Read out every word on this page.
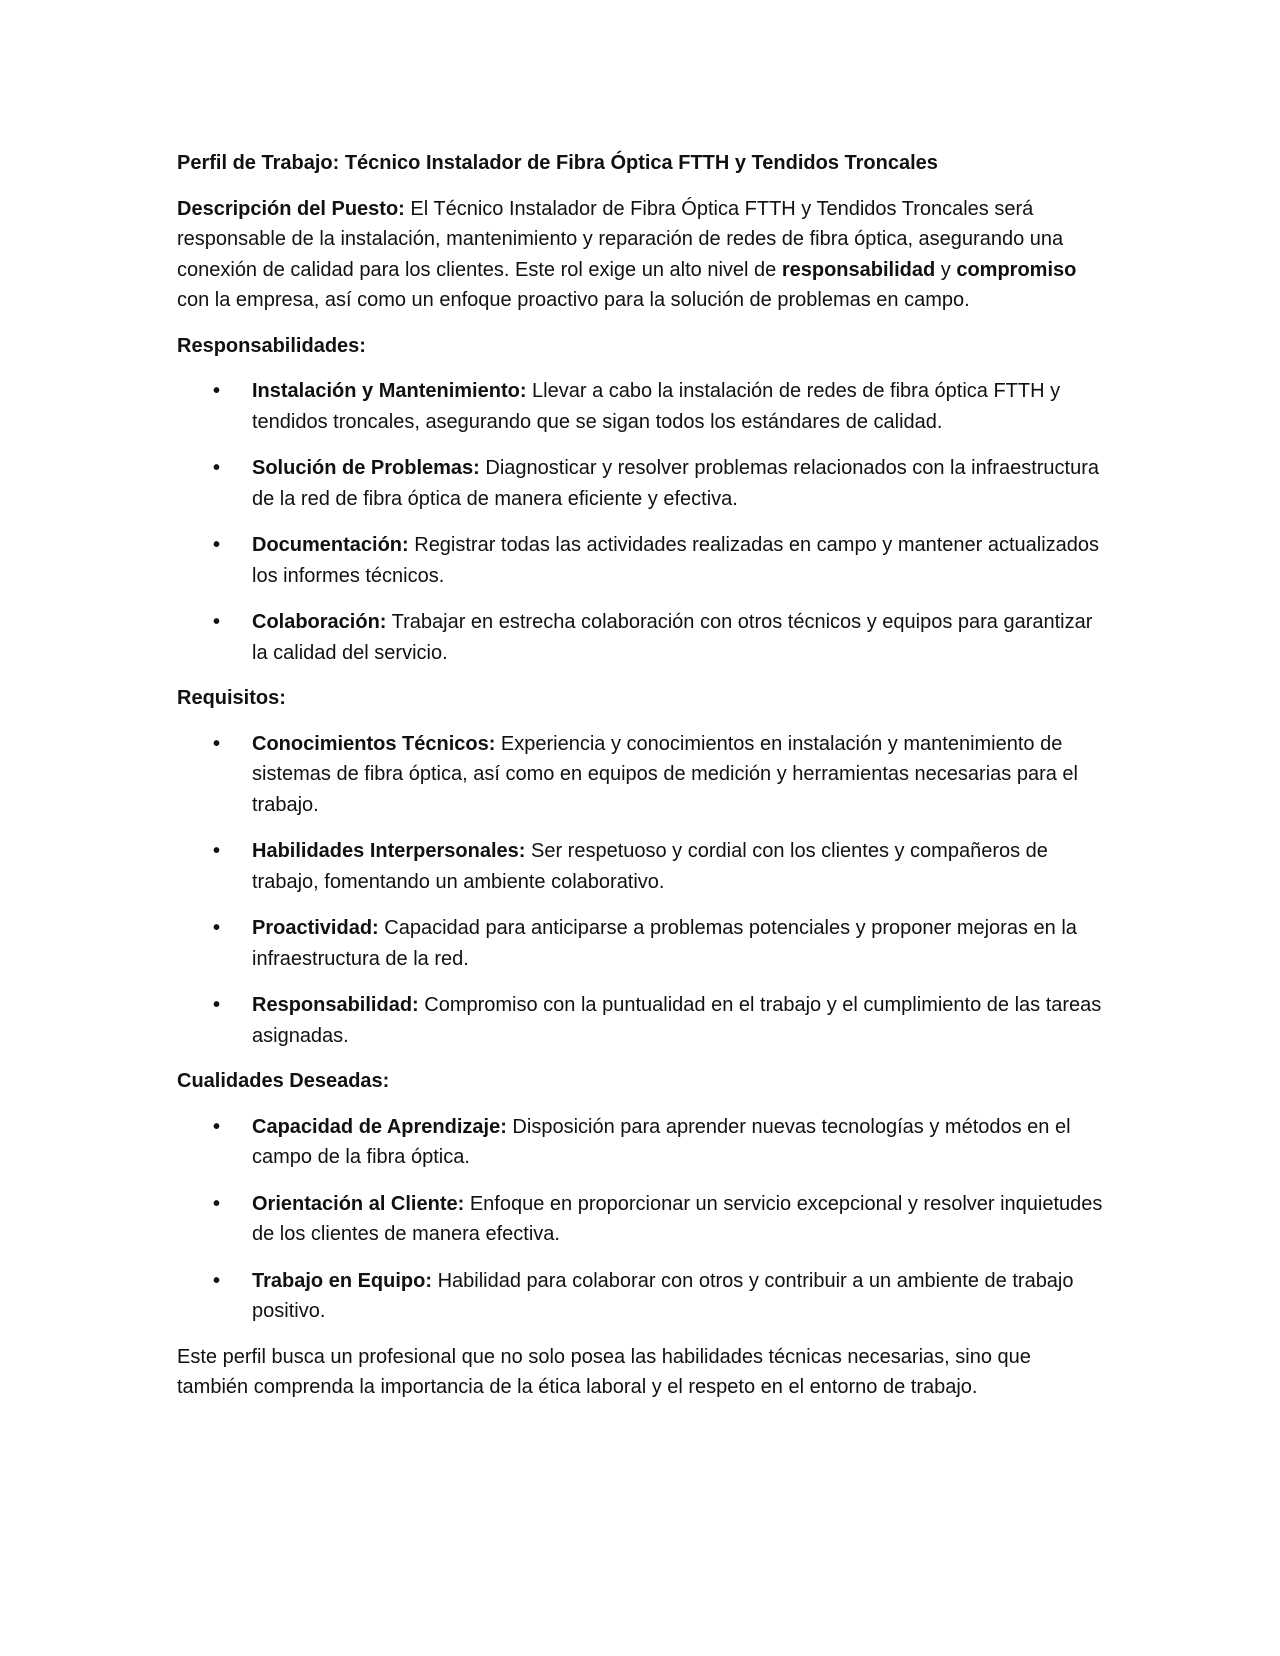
Perfil de Trabajo: Técnico Instalador de Fibra Óptica FTTH y Tendidos Troncales

Descripción del Puesto: El Técnico Instalador de Fibra Óptica FTTH y Tendidos Troncales será responsable de la instalación, mantenimiento y reparación de redes de fibra óptica, asegurando una conexión de calidad para los clientes. Este rol exige un alto nivel de responsabilidad y compromiso con la empresa, así como un enfoque proactivo para la solución de problemas en campo.

Responsabilidades:

• Instalación y Mantenimiento: Llevar a cabo la instalación de redes de fibra óptica FTTH y tendidos troncales, asegurando que se sigan todos los estándares de calidad.
• Solución de Problemas: Diagnosticar y resolver problemas relacionados con la infraestructura de la red de fibra óptica de manera eficiente y efectiva.
• Documentación: Registrar todas las actividades realizadas en campo y mantener actualizados los informes técnicos.
• Colaboración: Trabajar en estrecha colaboración con otros técnicos y equipos para garantizar la calidad del servicio.

Requisitos:

• Conocimientos Técnicos: Experiencia y conocimientos en instalación y mantenimiento de sistemas de fibra óptica, así como en equipos de medición y herramientas necesarias para el trabajo.
• Habilidades Interpersonales: Ser respetuoso y cordial con los clientes y compañeros de trabajo, fomentando un ambiente colaborativo.
• Proactividad: Capacidad para anticiparse a problemas potenciales y proponer mejoras en la infraestructura de la red.
• Responsabilidad: Compromiso con la puntualidad en el trabajo y el cumplimiento de las tareas asignadas.

Cualidades Deseadas:

• Capacidad de Aprendizaje: Disposición para aprender nuevas tecnologías y métodos en el campo de la fibra óptica.
• Orientación al Cliente: Enfoque en proporcionar un servicio excepcional y resolver inquietudes de los clientes de manera efectiva.
• Trabajo en Equipo: Habilidad para colaborar con otros y contribuir a un ambiente de trabajo positivo.

Este perfil busca un profesional que no solo posea las habilidades técnicas necesarias, sino que también comprenda la importancia de la ética laboral y el respeto en el entorno de trabajo.
